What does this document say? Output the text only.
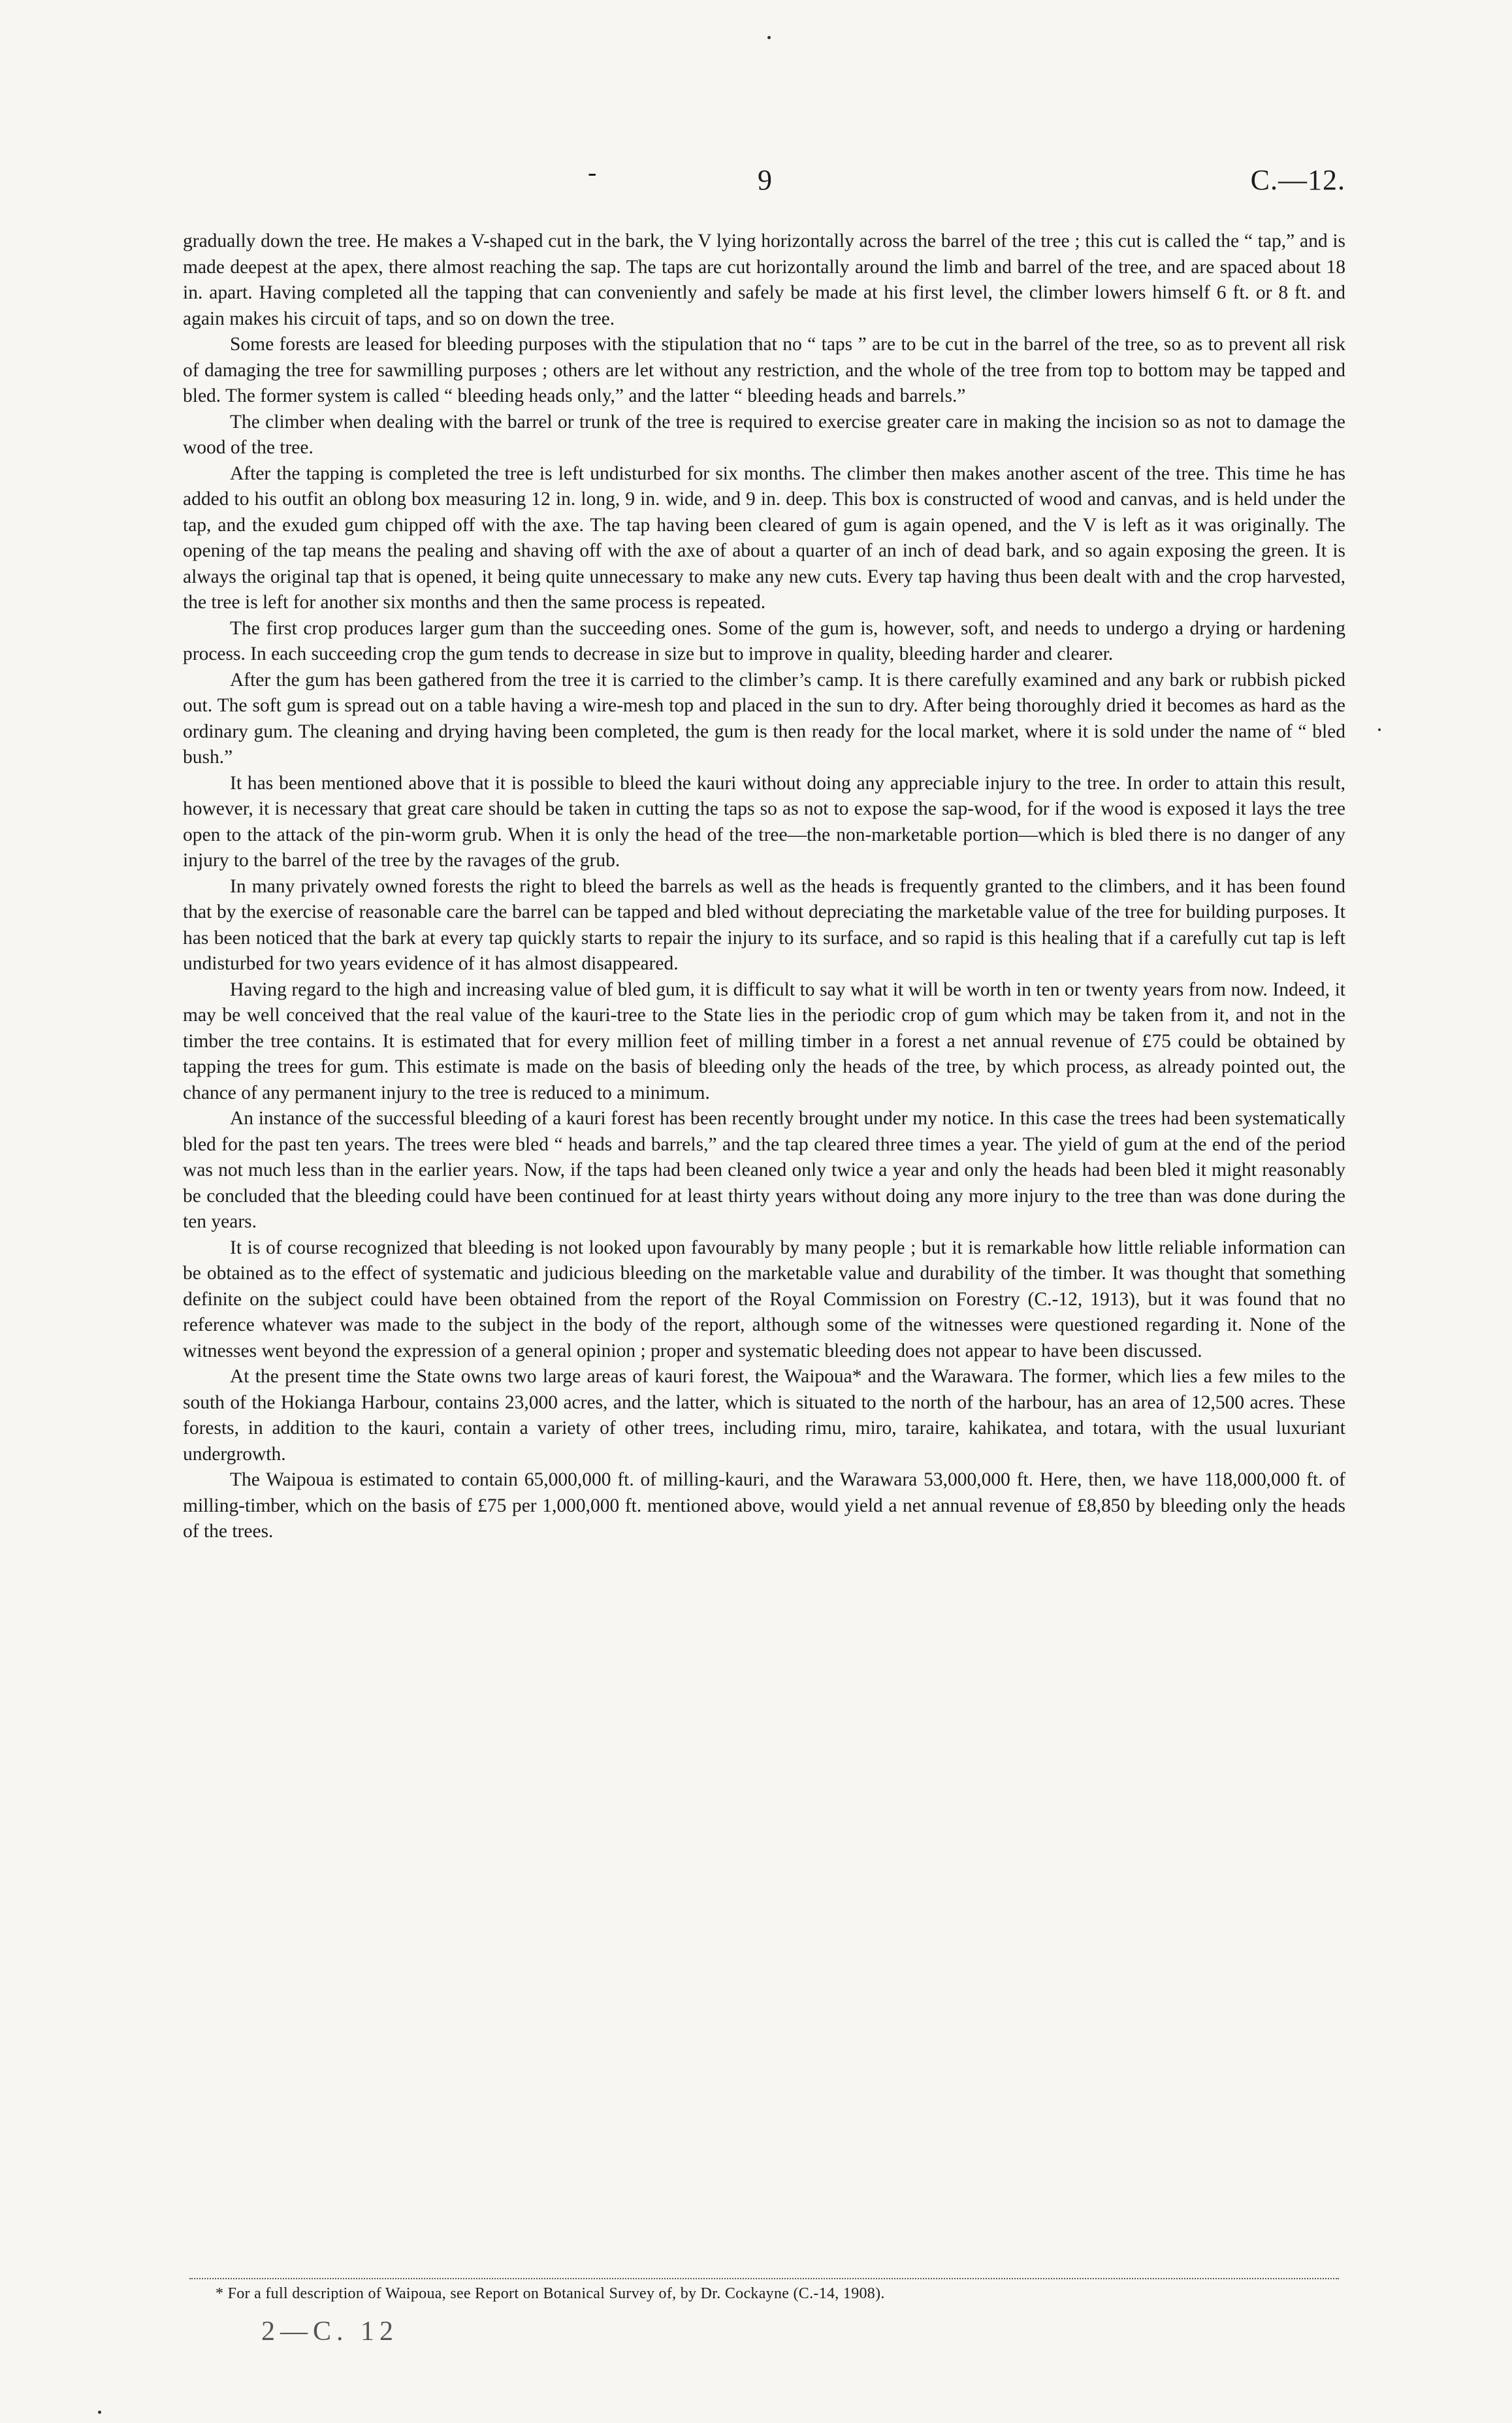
-	9	C.—12.

gradually down the tree. He makes a V-shaped cut in the bark, the V lying horizontally across the barrel of the tree ; this cut is called the “ tap,” and is made deepest at the apex, there almost reaching the sap. The taps are cut horizontally around the limb and barrel of the tree, and are spaced about 18 in. apart. Having completed all the tapping that can conveniently and safely be made at his first level, the climber lowers himself 6 ft. or 8 ft. and again makes his circuit of taps, and so on down the tree.

Some forests are leased for bleeding purposes with the stipulation that no “ taps ” are to be cut in the barrel of the tree, so as to prevent all risk of damaging the tree for sawmilling purposes ; others are let without any restriction, and the whole of the tree from top to bottom may be tapped and bled. The former system is called “ bleeding heads only,” and the latter “ bleeding heads and barrels.”

The climber when dealing with the barrel or trunk of the tree is required to exercise greater care in making the incision so as not to damage the wood of the tree.

After the tapping is completed the tree is left undisturbed for six months. The climber then makes another ascent of the tree. This time he has added to his outfit an oblong box measuring 12 in. long, 9 in. wide, and 9 in. deep. This box is constructed of wood and canvas, and is held under the tap, and the exuded gum chipped off with the axe. The tap having been cleared of gum is again opened, and the V is left as it was originally. The opening of the tap means the pealing and shaving off with the axe of about a quarter of an inch of dead bark, and so again exposing the green. It is always the original tap that is opened, it being quite unnecessary to make any new cuts. Every tap having thus been dealt with and the crop harvested, the tree is left for another six months and then the same process is repeated.

The first crop produces larger gum than the succeeding ones. Some of the gum is, however, soft, and needs to undergo a drying or hardening process. In each succeeding crop the gum tends to decrease in size but to improve in quality, bleeding harder and clearer.

After the gum has been gathered from the tree it is carried to the climber’s camp. It is there carefully examined and any bark or rubbish picked out. The soft gum is spread out on a table having a wire-mesh top and placed in the sun to dry. After being thoroughly dried it becomes as hard as the ordinary gum. The cleaning and drying having been completed, the gum is then ready for the local market, where it is sold under the name of “ bled bush.”

It has been mentioned above that it is possible to bleed the kauri without doing any appreciable injury to the tree. In order to attain this result, however, it is necessary that great care should be taken in cutting the taps so as not to expose the sap-wood, for if the wood is exposed it lays the tree open to the attack of the pin-worm grub. When it is only the head of the tree—the non-marketable portion—which is bled there is no danger of any injury to the barrel of the tree by the ravages of the grub.

In many privately owned forests the right to bleed the barrels as well as the heads is frequently granted to the climbers, and it has been found that by the exercise of reasonable care the barrel can be tapped and bled without depreciating the marketable value of the tree for building purposes. It has been noticed that the bark at every tap quickly starts to repair the injury to its surface, and so rapid is this healing that if a carefully cut tap is left undisturbed for two years evidence of it has almost disappeared.

Having regard to the high and increasing value of bled gum, it is difficult to say what it will be worth in ten or twenty years from now. Indeed, it may be well conceived that the real value of the kauri-tree to the State lies in the periodic crop of gum which may be taken from it, and not in the timber the tree contains. It is estimated that for every million feet of milling timber in a forest a net annual revenue of £75 could be obtained by tapping the trees for gum. This estimate is made on the basis of bleeding only the heads of the tree, by which process, as already pointed out, the chance of any permanent injury to the tree is reduced to a minimum.

An instance of the successful bleeding of a kauri forest has been recently brought under my notice. In this case the trees had been systematically bled for the past ten years. The trees were bled “ heads and barrels,” and the tap cleared three times a year. The yield of gum at the end of the period was not much less than in the earlier years. Now, if the taps had been cleaned only twice a year and only the heads had been bled it might reasonably be concluded that the bleeding could have been continued for at least thirty years without doing any more injury to the tree than was done during the ten years.

It is of course recognized that bleeding is not looked upon favourably by many people ; but it is remarkable how little reliable information can be obtained as to the effect of systematic and judicious bleeding on the marketable value and durability of the timber. It was thought that something definite on the subject could have been obtained from the report of the Royal Commission on Forestry (C.-12, 1913), but it was found that no reference whatever was made to the subject in the body of the report, although some of the witnesses were questioned regarding it. None of the witnesses went beyond the expression of a general opinion ; proper and systematic bleeding does not appear to have been discussed.

At the present time the State owns two large areas of kauri forest, the Waipoua* and the Warawara. The former, which lies a few miles to the south of the Hokianga Harbour, contains 23,000 acres, and the latter, which is situated to the north of the harbour, has an area of 12,500 acres. These forests, in addition to the kauri, contain a variety of other trees, including rimu, miro, taraire, kahikatea, and totara, with the usual luxuriant undergrowth.

The Waipoua is estimated to contain 65,000,000 ft. of milling-kauri, and the Warawara 53,000,000 ft. Here, then, we have 118,000,000 ft. of milling-timber, which on the basis of £75 per 1,000,000 ft. mentioned above, would yield a net annual revenue of £8,850 by bleeding only the heads of the trees.

* For a full description of Waipoua, see Report on Botanical Survey of, by Dr. Cockayne (C.-14, 1908).
2—C. 12
